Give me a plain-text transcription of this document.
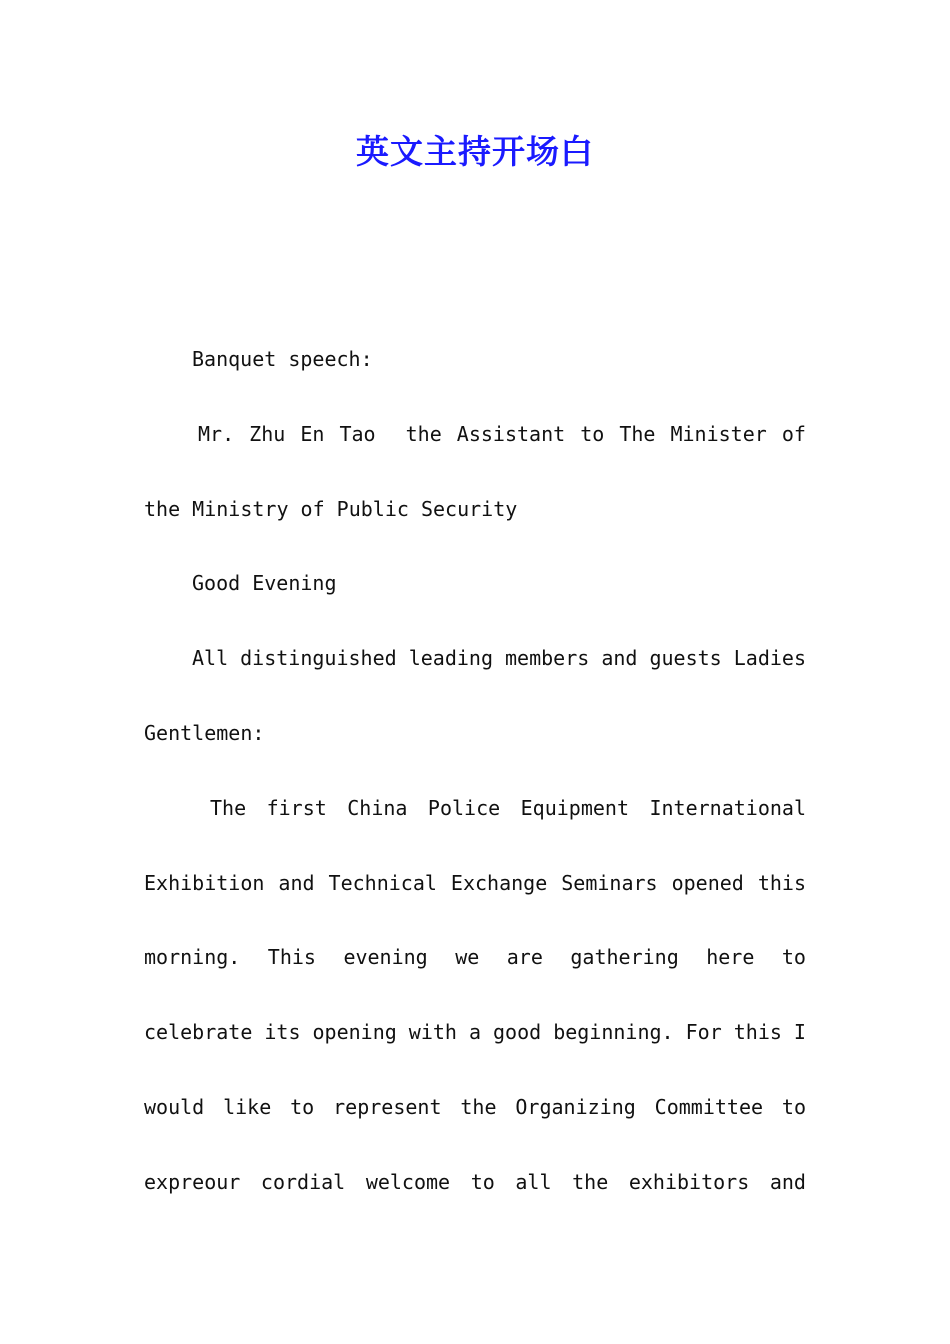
英文主持开场白
Banquet speech:
Mr. Zhu En Tao the Assistant to The Minister of
the Ministry of Public Security
Good Evening
All distinguished leading members and guests Ladies
Gentlemen:
The first China Police Equipment International
Exhibition and Technical Exchange Seminars opened this
morning. This evening we are gathering here to
celebrate its opening with a good beginning. For this I
would like to represent the Organizing Committee to
expreour cordial welcome to all the exhibitors and
